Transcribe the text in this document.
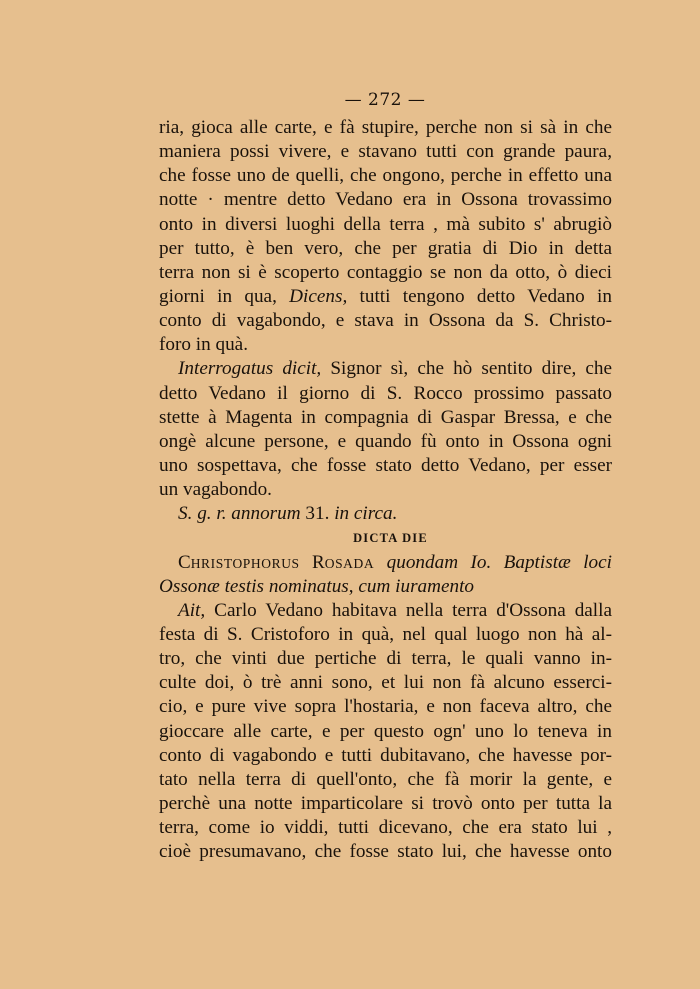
— 272 —
ria, gioca alle carte, e fà stupire, perche non si sà in che
maniera possi vivere, e stavano tutti con grande paura,
che fosse uno de quelli, che ongono, perche in effetto una
notte · mentre detto Vedano era in Ossona trovassimo
onto in diversi luoghi della terra , mà subito s' abrugiò
per tutto, è ben vero, che per gratia di Dio in detta
terra non si è scoperto contaggio se non da otto, ò dieci
giorni in qua, Dicens, tutti tengono detto Vedano in
conto di vagabondo, e stava in Ossona da S. Christo-
foro in quà.
Interrogatus dicit, Signor sì, che hò sentito dire, che
detto Vedano il giorno di S. Rocco prossimo passato
stette à Magenta in compagnia di Gaspar Bressa, e che
ongè alcune persone, e quando fù onto in Ossona ogni
uno sospettava, che fosse stato detto Vedano, per esser
un vagabondo.
S. g. r. annorum 31. in circa.
DICTA DIE
CHRISTOPHORUS ROSADA quondam Io. Baptistæ loci
Ossonæ testis nominatus, cum iuramento
Ait, Carlo Vedano habitava nella terra d'Ossona dalla
festa di S. Cristoforo in quà, nel qual luogo non hà al-
tro, che vinti due pertiche di terra, le quali vanno in-
culte doi, ò trè anni sono, et lui non fà alcuno esserci-
cio, e pure vive sopra l'hostaria, e non faceva altro, che
gioccare alle carte, e per questo ogn' uno lo teneva in
conto di vagabondo e tutti dubitavano, che havesse por-
tato nella terra di quell'onto, che fà morir la gente, e
perchè una notte imparticolare si trovò onto per tutta la
terra, come io viddi, tutti dicevano, che era stato lui ,
cioè presumavano, che fosse stato lui, che havesse onto
